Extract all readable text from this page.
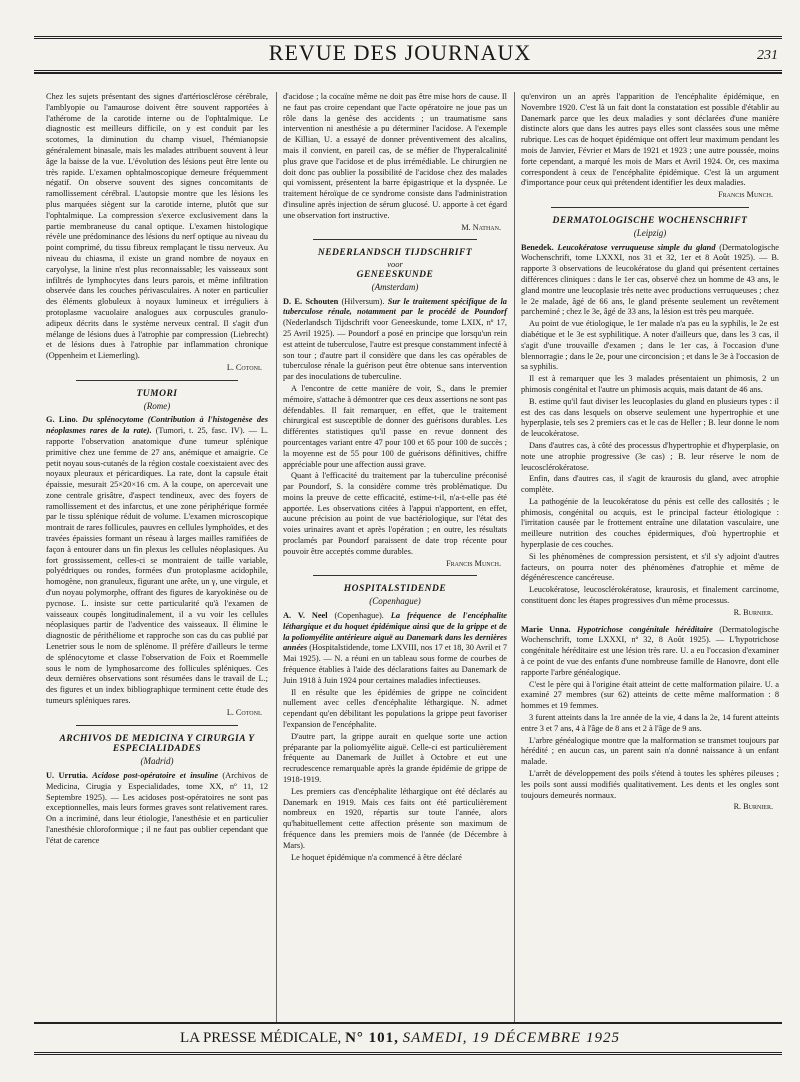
REVUE DES JOURNAUX	231

Chez les sujets présentant des signes d'artériosclérose cérébrale, l'amblyopie ou l'amaurose doivent être souvent rapportées à l'athérome de la carotide interne ou de l'ophtalmique. Le diagnostic est meilleurs difficile, on y est conduit par les scotomes, la diminution du champ visuel, l'hémianopsie généralement binasale, mais les malades attribuent souvent à leur âge la baisse de la vue. L'évolution des lésions peut être lente ou très rapide. L'examen ophtalmoscopique demeure fréquemment négatif. On observe souvent des signes concomitants de ramollissement cérébral. L'autopsie montre que les lésions les plus marquées siègent sur la carotide interne, plutôt que sur l'ophtalmique. La compression s'exerce exclusivement dans la partie membraneuse du canal optique. L'examen histologique révèle une prédominance des lésions du nerf optique au niveau du point comprimé, du tissu fibreux remplaçant le tissu nerveux. Au niveau du chiasma, il existe un grand nombre de noyaux en caryolyse, la linine n'est plus reconnaissable; les vaisseaux sont infiltrés de lymphocytes dans leurs parois, et même infiltration observée dans les couches périvasculaires. A noter en particulier des éléments globuleux à noyaux lumineux et irréguliers à protoplasme vacuolaire analogues aux corpuscules granulo-adipeux décrits dans le système nerveux central. Il s'agit d'un mélange de lésions dues à l'atrophie par compression (Liebrecht) et de lésions dues à l'atrophie par inflammation chronique (Oppenheim et Liemerling).

L. Cotoni.
TUMORI
(Rome)

G. Lino. Du splénocytome (Contribution à l'histogenèse des néoplasmes rares de la rate). (Tumori, t. 25, fasc. IV). — L. rapporte l'observation anatomique d'une tumeur splénique primitive chez une femme de 27 ans, anémique et amaigrie. Ce petit noyau sous-cutanés de la région costale coexistaient avec des noyaux pleuraux et péricardiques. La rate, dont la capsule était épaissie, mesurait 25×20×16 cm. A la coupe, on apercevait une zone centrale grisâtre, d'aspect tendineux, avec des foyers de ramollissement et des infarctus, et une zone périphérique formée par le tissu splénique réduit de volume. L'examen microscopique montrait de rares follicules, pauvres en cellules lymphoïdes, et des travées épaissies formant un réseau à larges mailles ramifiées de façon à entourer dans un fin plexus les cellules néoplasiques. Au fort grossissement, celles-ci se montraient de taille variable, polyédriques ou rondes, formées d'un protoplasme acidophile, homogène, non granuleux, figurant une arête, un γ, une virgule, et d'un noyau polymorphe, offrant des figures de karyokinèse ou de pycnose. L. insiste sur cette particularité qu'à l'examen de vaisseaux coupés longitudinalement, il a vu voir les cellules néoplasiques partir de l'adventice des vaisseaux. Il élimine le diagnostic de périthéliome et rapproche son cas du cas publié par Lenetrier sous le nom de splénome. Il préfère d'ailleurs le terme de splénocytome et classe l'observation de Foix et Roemmelle sous le nom de lymphosarcome des follicules spléniques. Ces deux dernières observations sont résumées dans le travail de L.; des figures et un index bibliographique terminent cette étude des tumeurs spléniques rares.

L. Cotoni.
ARCHIVOS DE MEDICINA Y CIRURGIA Y ESPECIALIDADES
(Madrid)

U. Urrutia. Acidose post-opératoire et insuline (Archivos de Medicina, Cirugia y Especialidades, tome XX, nº 11, 12 Septembre 1925). — Les acidoses post-opératoires ne sont pas exceptionnelles, mais leurs formes graves sont relativement rares. On a incriminé, dans leur étiologie, l'anesthésie et en particulier l'anesthésie chloroformique ; il ne faut pas oublier cependant que l'état de carence

d'acidose ; la cocaïne même ne doit pas être mise hors de cause. Il ne faut pas croire cependant que l'acte opératoire ne joue pas un rôle dans la genèse des accidents ; un traumatisme sans intervention ni anesthésie a pu déterminer l'acidose. A l'exemple de Killian, U. a essayé de donner préventivement des alcalins, mais il convient, en pareil cas, de se méfier de l'hyperalcalinité plus grave que l'acidose et de plus irrémédiable. Le chirurgien ne doit donc pas oublier la possibilité de l'acidose chez des malades qui vomissent, présentent la barre épigastrique et la dyspnée. Le traitement héroïque de ce syndrome consiste dans l'administration d'insuline après injection de sérum glucosé. U. apporte à cet égard une observation fort instructive.

M. Nathan.
NEDERLANDSCH TIJDSCHRIFT
voor
GENEESKUNDE
(Amsterdam)

D. E. Schouten (Hilversum). Sur le traitement spécifique de la tuberculose rénale, notamment par le procédé de Poundorf (Nederlandsch Tijdschrift voor Geneeskunde, tome LXIX, nº 17, 25 Avril 1925). — Poundorf a posé en principe que lorsqu'un rein est atteint de tuberculose, l'autre est presque constamment infecté à son tour ; d'autre part il considère que dans les cas opérables de tuberculose rénale la guérison peut être obtenue sans intervention par des inoculations de tuberculine.

A l'encontre de cette manière de voir, S., dans le premier mémoire, s'attache à démontrer que ces deux assertions ne sont pas défendables. Il fait remarquer, en effet, que le traitement chirurgical est susceptible de donner des guérisons durables. Les différentes statistiques qu'il passe en revue donnent des pourcentages variant entre 47 pour 100 et 65 pour 100 de succès ; la moyenne est de 55 pour 100 de guérisons définitives, chiffre appréciable pour une affection aussi grave.

Quant à l'efficacité du traitement par la tuberculine préconisé par Poundorf, S. la considère comme très problématique. Du moins la preuve de cette efficacité, estime-t-il, n'a-t-elle pas été apportée. Les observations citées à l'appui n'apportent, en effet, aucune précision au point de vue bactériologique, sur l'état des voies urinaires avant et après l'opération ; en outre, les résultats proclamés par Poundorf paraissent de date trop récente pour pouvoir être acceptés comme durables.

Francis Munch.
HOSPITALSTIDENDE
(Copenhague)

A. V. Neel (Copenhague). La fréquence de l'encéphalite léthargique et du hoquet épidémique ainsi que de la grippe et de la poliomyélite antérieure aiguë au Danemark dans les dernières années (Hospitalstidende, tome LXVIII, nos 17 et 18, 30 Avril et 7 Mai 1925). — N. a réuni en un tableau sous forme de courbes de fréquence établies à l'aide des déclarations faites au Danemark de Juin 1918 à Juin 1924 pour certaines maladies infectieuses.

Il en résulte que les épidémies de grippe ne coïncident nullement avec celles d'encéphalite léthargique. N. admet cependant qu'en débilitant les populations la grippe peut favoriser l'expansion de l'encéphalite.

D'autre part, la grippe aurait en quelque sorte une action préparante par la poliomyélite aiguë. Celle-ci est particulièrement fréquente au Danemark de Juillet à Octobre et eut une recrudescence remarquable après la grande épidémie de grippe de 1918-1919.

Les premiers cas d'encéphalite léthargique ont été déclarés au Danemark en 1919. Mais ces faits ont été particulièrement nombreux en 1920, répartis sur toute l'année, alors qu'habituellement cette affection présente son maximum de fréquence dans les premiers mois de l'année (de Décembre à Mars).

Le hoquet épidémique n'a commencé à être déclaré

qu'environ un an après l'apparition de l'encéphalite épidémique, en Novembre 1920. C'est là un fait dont la constatation est possible d'établir au Danemark parce que les deux maladies y sont déclarées d'une manière distincte alors que dans les autres pays elles sont classées sous une même rubrique. Les cas de hoquet épidémique ont offert leur maximum pendant les mois de Janvier, Février et Mars de 1921 et 1923 ; une autre poussée, moins forte cependant, a marqué les mois de Mars et Avril 1924. Or, ces maxima correspondent à ceux de l'encéphalite épidémique. C'est là un argument d'importance pour ceux qui prétendent identifier les deux maladies.

Francis Munch.
DERMATOLOGISCHE WOCHENSCHRIFT
(Leipzig)

Benedek. Leucokératose verruqueuse simple du gland (Dermatologische Wochenschrift, tome LXXXI, nos 31 et 32, 1er et 8 Août 1925). — B. rapporte 3 observations de leucokératose du gland qui présentent certaines différences cliniques : dans le 1er cas, observé chez un homme de 43 ans, le gland montre une leucoplasie très nette avec productions verruqueuses ; chez le 2e malade, âgé de 66 ans, le gland présente seulement un revêtement parcheminé ; chez le 3e, âgé de 33 ans, la lésion est très peu marquée.

Au point de vue étiologique, le 1er malade n'a pas eu la syphilis, le 2e est diabétique et le 3e est syphilitique. A noter d'ailleurs que, dans les 3 cas, il s'agit d'une trouvaille d'examen ; dans le 1er cas, à l'occasion d'une blennorragie ; dans le 2e, pour une circoncision ; et dans le 3e à l'occasion de sa syphilis.

Il est à remarquer que les 3 malades présentaient un phimosis, 2 un phimosis congénital et l'autre un phimosis acquis, mais datant de 46 ans.

B. estime qu'il faut diviser les leucoplasies du gland en plusieurs types : il est des cas dans lesquels on observe seulement une hypertrophie et une hyperplasie, tels ses 2 premiers cas et le cas de Heller ; B. leur donne le nom de leucokératose.

Dans d'autres cas, à côté des processus d'hypertrophie et d'hyperplasie, on note une atrophie progressive (3e cas) ; B. leur réserve le nom de leucosclérokératose.

Enfin, dans d'autres cas, il s'agit de kraurosis du gland, avec atrophie complète.

La pathogénie de la leucokératose du pénis est celle des callosités ; le phimosis, congénital ou acquis, est le principal facteur étiologique : l'irritation causée par le frottement entraîne une dilatation vasculaire, une meilleure nutrition des couches épidermiques, d'où hypertrophie et hyperplasie de ces couches.

Si les phénomènes de compression persistent, et s'il s'y adjoint d'autres facteurs, on pourra noter des phénomènes d'atrophie et même de dégénérescence cancéreuse.

Leucokératose, leucosclérokératose, kraurosis, et finalement carcinome, constituent donc les étapes progressives d'un même processus.

R. Burnier.

Marie Unna. Hypotrichose congénitale héréditaire (Dermatologische Wochenschrift, tome LXXXI, nº 32, 8 Août 1925). — L'hypotrichose congénitale héréditaire est une lésion très rare. U. a eu l'occasion d'examiner à ce point de vue des enfants d'une nombreuse famille de Hanovre, dont elle rapporte l'arbre généalogique.

C'est le père qui à l'origine était atteint de cette malformation pilaire. U. a examiné 27 membres (sur 62) atteints de cette même malformation : 8 hommes et 19 femmes.

3 furent atteints dans la 1re année de la vie, 4 dans la 2e, 14 furent atteints entre 3 et 7 ans, 4 à l'âge de 8 ans et 2 à l'âge de 9 ans.

L'arbre généalogique montre que la malformation se transmet toujours par hérédité ; en aucun cas, un parent sain n'a donné naissance à un enfant malade.

L'arrêt de développement des poils s'étend à toutes les sphères pileuses ; les poils sont aussi modifiés qualitativement. Les dents et les ongles sont toujours demeurés normaux.

R. Burnier.
LA PRESSE MÉDICALE, N° 101, SAMEDI, 19 DÉCEMBRE 1925
